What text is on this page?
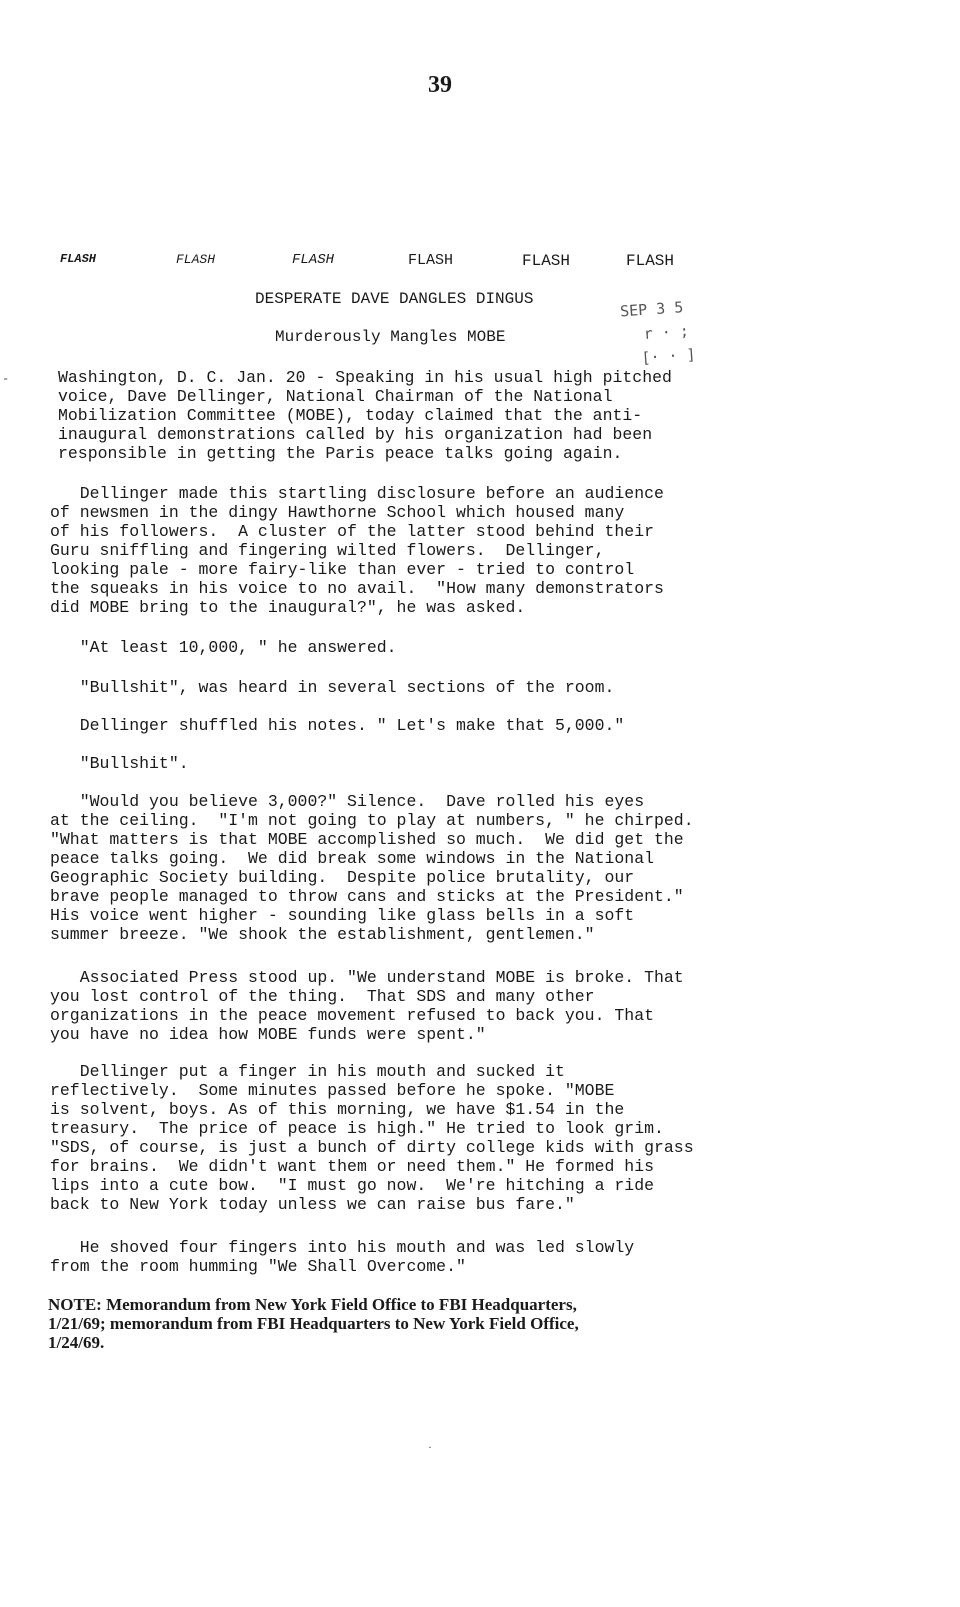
39
FLASH	FLASH	FLASH	FLASH	FLASH	FLASH
DESPERATE DAVE DANGLES DINGUS
Murderously Mangles MOBE
SEP 3 5
r · ;
[· · ]
-	Washington, D. C. Jan. 20 - Speaking in his usual high pitched
voice, Dave Dellinger, National Chairman of the National
Mobilization Committee (MOBE), today claimed that the anti-
inaugural demonstrations called by his organization had been
responsible in getting the Paris peace talks going again.
Dellinger made this startling disclosure before an audience
of newsmen in the dingy Hawthorne School which housed many
of his followers.  A cluster of the latter stood behind their
Guru sniffling and fingering wilted flowers.  Dellinger,
looking pale - more fairy-like than ever - tried to control
the squeaks in his voice to no avail.  "How many demonstrators
did MOBE bring to the inaugural?", he was asked.
"At least 10,000, " he answered.
"Bullshit", was heard in several sections of the room.
Dellinger shuffled his notes. " Let's make that 5,000."
"Bullshit".
"Would you believe 3,000?" Silence.  Dave rolled his eyes
at the ceiling.  "I'm not going to play at numbers, " he chirped.
"What matters is that MOBE accomplished so much.  We did get the
peace talks going.  We did break some windows in the National
Geographic Society building.  Despite police brutality, our
brave people managed to throw cans and sticks at the President."
His voice went higher - sounding like glass bells in a soft
summer breeze. "We shook the establishment, gentlemen."
Associated Press stood up. "We understand MOBE is broke. That
you lost control of the thing.  That SDS and many other
organizations in the peace movement refused to back you. That
you have no idea how MOBE funds were spent."
Dellinger put a finger in his mouth and sucked it
reflectively.  Some minutes passed before he spoke. "MOBE
is solvent, boys. As of this morning, we have $1.54 in the
treasury.  The price of peace is high." He tried to look grim.
"SDS, of course, is just a bunch of dirty college kids with grass
for brains.  We didn't want them or need them." He formed his
lips into a cute bow.  "I must go now.  We're hitching a ride
back to New York today unless we can raise bus fare."
He shoved four fingers into his mouth and was led slowly
from the room humming "We Shall Overcome."

NOTE: Memorandum from New York Field Office to FBI Headquarters,

1/21/69; memorandum from FBI Headquarters to New York Field Office,

1/24/69.

·
